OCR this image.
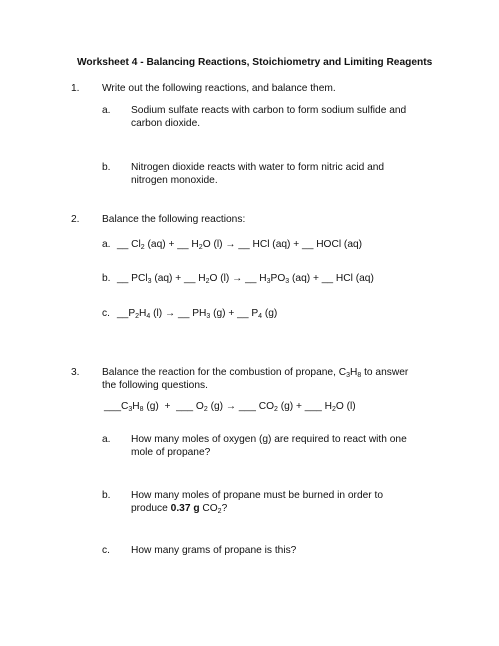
Worksheet 4 - Balancing Reactions, Stoichiometry and Limiting Reagents
1. Write out the following reactions, and balance them.
a. Sodium sulfate reacts with carbon to form sodium sulfide and carbon dioxide.
b. Nitrogen dioxide reacts with water to form nitric acid and nitrogen monoxide.
2. Balance the following reactions:
a. __ $Cl_2$ (aq) + __ $H_2O$ (l) → __ HCl (aq) + __ HOCl (aq)
b. __ PCl$_3$ (aq) + __ $H_2O$ (l) → __ $H_3PO_3$ (aq) + __ HCl (aq)
c. $\_\_P_2H_4$ (l) → __ $PH_3$ (g) + __ $P_4$ (g)
3. Balance the reaction for the combustion of propane, $C_3H_8$ to answer the following questions.
$\_\_\_C_3H_8$ (g)  +  ___ $O_2$ (g) → ___ $CO_2$ (g) + ___ $H_2O$ (l)
a. How many moles of oxygen (g) are required to react with one mole of propane?
b. How many moles of propane must be burned in order to produce 0.37 g $CO_2$?
c. How many grams of propane is this?
